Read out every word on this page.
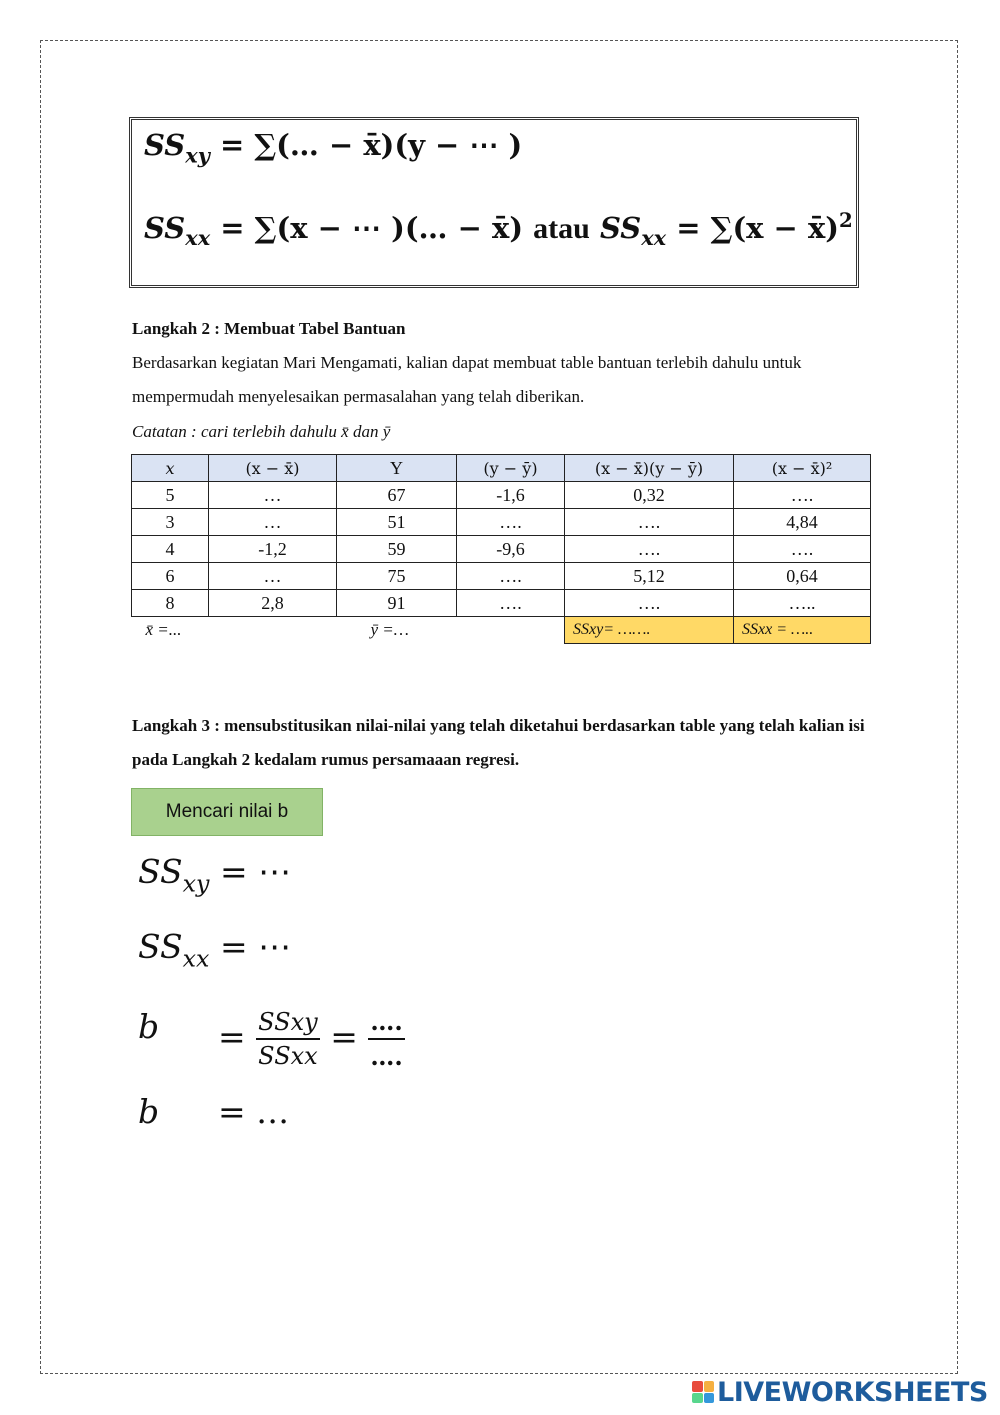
$SS_{xy}$ = ∑(… − x̄)(y − ⋯ )
$SS_{xx} = \sum(x$ − ⋯ )(… − x̄) atau $SS_{xx} = \sum(x$ − x̄)$^2$
Langkah 2 : Membuat Tabel Bantuan
Berdasarkan kegiatan Mari Mengamati, kalian dapat membuat table bantuan terlebih dahulu untuk
mempermudah menyelesaikan permasalahan yang telah diberikan.
Catatan : cari terlebih dahulu x̄ dan ȳ
x	(x − x̄)	Y	(y − ȳ)	(x − x̄)(y − ȳ)	(x − x̄)²
5	…	67	-1,6	0,32	….
3	…	51	….	….	4,84
4	-1,2	59	-9,6	….	….
6	…	75	….	5,12	0,64
8	2,8	91	….	….	…..
x̄ =...		ȳ =…		SSxy= …….	SSxx = …..
Langkah 3 : mensubstitusikan nilai-nilai yang telah diketahui berdasarkan table yang telah kalian isi
pada Langkah 2 kedalam rumus persamaaan regresi.
Mencari nilai b
$SS_{xy}$ = ⋯
$SS_{xx}$ = ⋯
$b = \frac{\text{SSxy}}{\text{SSxx}} = \frac{\dots.}{\dots.}$
b = …
LIVEWORKSHEETS
